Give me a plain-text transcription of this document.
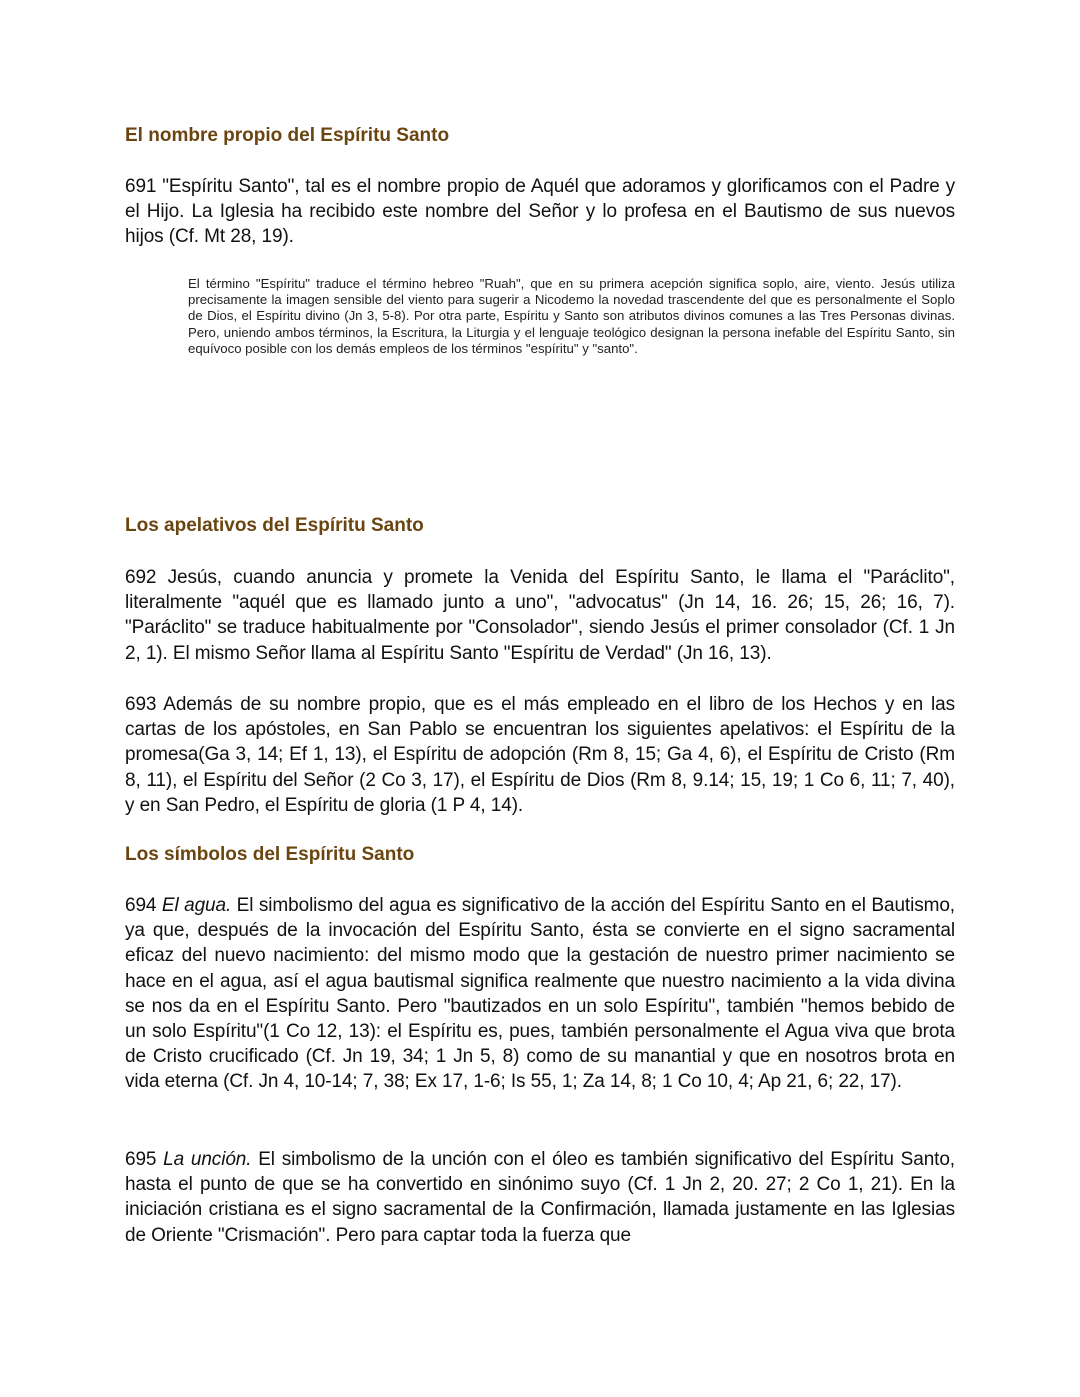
El nombre propio del Espíritu Santo

691 "Espíritu Santo", tal es el nombre propio de Aquél que adoramos y glorificamos con el Padre y el Hijo. La Iglesia ha recibido este nombre del Señor y lo profesa en el Bautismo de sus nuevos hijos (Cf. Mt 28, 19).

El término "Espíritu" traduce el término hebreo "Ruah", que en su primera acepción significa soplo, aire, viento. Jesús utiliza precisamente la imagen sensible del viento para sugerir a Nicodemo la novedad trascendente del que es personalmente el Soplo de Dios, el Espíritu divino (Jn 3, 5-8). Por otra parte, Espíritu y Santo son atributos divinos comunes a las Tres Personas divinas. Pero, uniendo ambos términos, la Escritura, la Liturgia y el lenguaje teológico designan la persona inefable del Espíritu Santo, sin equívoco posible con los demás empleos de los términos "espíritu" y "santo".

Los apelativos del Espíritu Santo

692 Jesús, cuando anuncia y promete la Venida del Espíritu Santo, le llama el "Paráclito", literalmente "aquél que es llamado junto a uno", "advocatus" (Jn 14, 16. 26; 15, 26; 16, 7). "Paráclito" se traduce habitualmente por "Consolador", siendo Jesús el primer consolador (Cf. 1 Jn 2, 1). El mismo Señor llama al Espíritu Santo "Espíritu de Verdad" (Jn 16, 13).

693 Además de su nombre propio, que es el más empleado en el libro de los Hechos y en las cartas de los apóstoles, en San Pablo se encuentran los siguientes apelativos: el Espíritu de la promesa(Ga 3, 14; Ef 1, 13), el Espíritu de adopción (Rm 8, 15; Ga 4, 6), el Espíritu de Cristo (Rm 8, 11), el Espíritu del Señor (2 Co 3, 17), el Espíritu de Dios (Rm 8, 9.14; 15, 19; 1 Co 6, 11; 7, 40), y en San Pedro, el Espíritu de gloria (1 P 4, 14).

Los símbolos del Espíritu Santo

694 El agua. El simbolismo del agua es significativo de la acción del Espíritu Santo en el Bautismo, ya que, después de la invocación del Espíritu Santo, ésta se convierte en el signo sacramental eficaz del nuevo nacimiento: del mismo modo que la gestación de nuestro primer nacimiento se hace en el agua, así el agua bautismal significa realmente que nuestro nacimiento a la vida divina se nos da en el Espíritu Santo. Pero "bautizados en un solo Espíritu", también "hemos bebido de un solo Espíritu"(1 Co 12, 13): el Espíritu es, pues, también personalmente el Agua viva que brota de Cristo crucificado (Cf. Jn 19, 34; 1 Jn 5, 8) como de su manantial y que en nosotros brota en vida eterna (Cf. Jn 4, 10-14; 7, 38; Ex 17, 1-6; Is 55, 1; Za 14, 8; 1 Co 10, 4; Ap 21, 6; 22, 17).

695 La unción. El simbolismo de la unción con el óleo es también significativo del Espíritu Santo, hasta el punto de que se ha convertido en sinónimo suyo (Cf. 1 Jn 2, 20. 27; 2 Co 1, 21). En la iniciación cristiana es el signo sacramental de la Confirmación, llamada justamente en las Iglesias de Oriente "Crismación". Pero para captar toda la fuerza que
